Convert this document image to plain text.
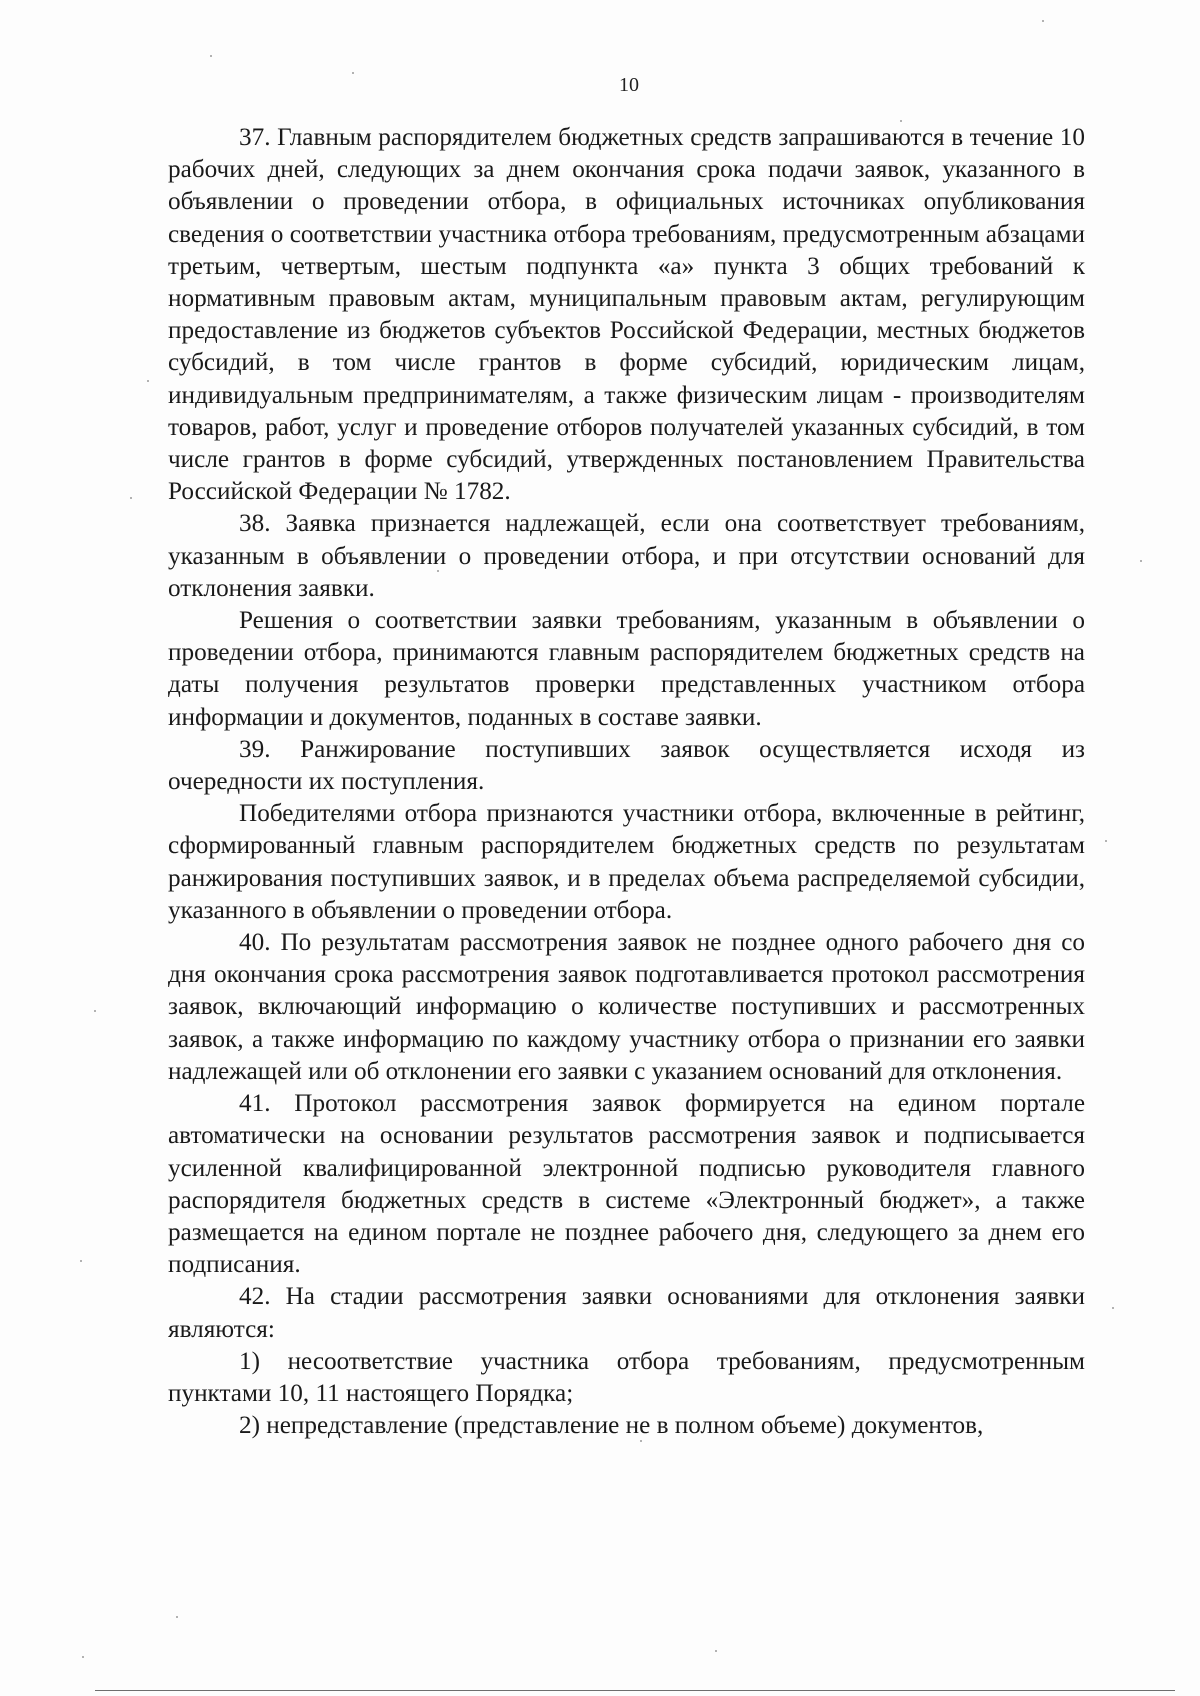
10

37. Главным распорядителем бюджетных средств запрашиваются в течение 10 рабочих дней, следующих за днем окончания срока подачи заявок, указанного в объявлении о проведении отбора, в официальных источниках опубликования сведения о соответствии участника отбора требованиям, предусмотренным абзацами третьим, четвертым, шестым подпункта «а» пункта 3 общих требований к нормативным правовым актам, муниципальным правовым актам, регулирующим предоставление из бюджетов субъектов Российской Федерации, местных бюджетов субсидий, в том числе грантов в форме субсидий, юридическим лицам, индивидуальным предпринимателям, а также физическим лицам - производителям товаров, работ, услуг и проведение отборов получателей указанных субсидий, в том числе грантов в форме субсидий, утвержденных постановлением Правительства Российской Федерации № 1782.

38. Заявка признается надлежащей, если она соответствует требованиям, указанным в объявлении о проведении отбора, и при отсутствии оснований для отклонения заявки.

Решения о соответствии заявки требованиям, указанным в объявлении о проведении отбора, принимаются главным распорядителем бюджетных средств на даты получения результатов проверки представленных участником отбора информации и документов, поданных в составе заявки.

39. Ранжирование поступивших заявок осуществляется исходя из очередности их поступления.

Победителями отбора признаются участники отбора, включенные в рейтинг, сформированный главным распорядителем бюджетных средств по результатам ранжирования поступивших заявок, и в пределах объема распределяемой субсидии, указанного в объявлении о проведении отбора.

40. По результатам рассмотрения заявок не позднее одного рабочего дня со дня окончания срока рассмотрения заявок подготавливается протокол рассмотрения заявок, включающий информацию о количестве поступивших и рассмотренных заявок, а также информацию по каждому участнику отбора о признании его заявки надлежащей или об отклонении его заявки с указанием оснований для отклонения.

41. Протокол рассмотрения заявок формируется на едином портале автоматически на основании результатов рассмотрения заявок и подписывается усиленной квалифицированной электронной подписью руководителя главного распорядителя бюджетных средств в системе «Электронный бюджет», а также размещается на едином портале не позднее рабочего дня, следующего за днем его подписания.

42. На стадии рассмотрения заявки основаниями для отклонения заявки являются:

1) несоответствие участника отбора требованиям, предусмотренным пунктами 10, 11 настоящего Порядка;

2) непредставление (представление не в полном объеме) документов,
